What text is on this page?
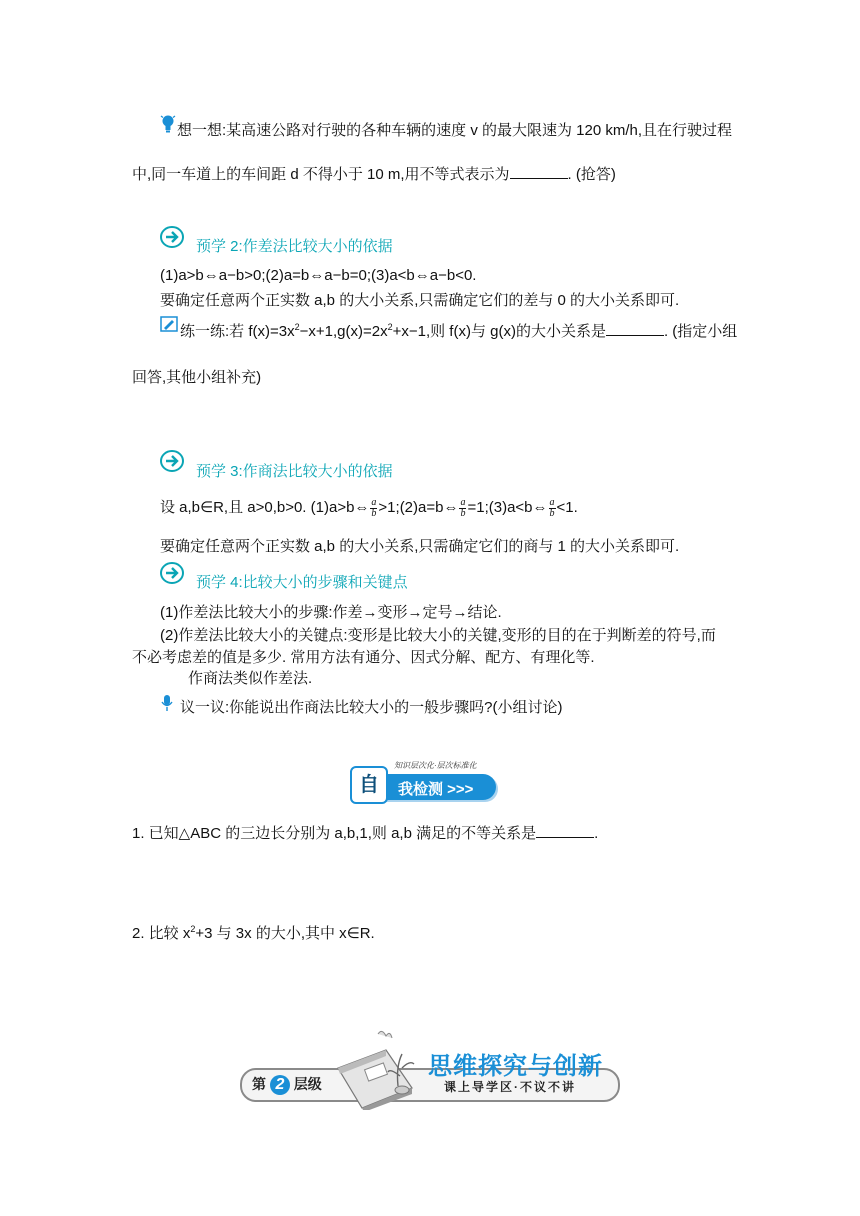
想一想:某高速公路对行驶的各种车辆的速度 v 的最大限速为 120 km/h,且在行驶过程
中,同一车道上的车间距 d 不得小于 10 m,用不等式表示为	. (抢答)
预学 2:作差法比较大小的依据
(1)a>b⇔a−b>0;(2)a=b⇔a−b=0;(3)a<b⇔a−b<0.
要确定任意两个正实数 a,b 的大小关系,只需确定它们的差与 0 的大小关系即可.
练一练:若 $f(x)=3x^2-x+1,g(x)=2x^2+x-1$,则 f(x)与 g(x)的大小关系是	. (指定小组
回答,其他小组补充)
预学 3:作商法比较大小的依据
设 a,b∈R,且 a>0,b>0. (1)a>b⇔ $\frac{a}{b}$ >1;(2)a=b⇔ $\frac{a}{b}$ =1;(3)a<b⇔ $\frac{a}{b} <1$.
要确定任意两个正实数 a,b 的大小关系,只需确定它们的商与 1 的大小关系即可.
预学 4:比较大小的步骤和关键点
(1)作差法比较大小的步骤:作差→变形→定号→结论.
(2)作差法比较大小的关键点:变形是比较大小的关键,变形的目的在于判断差的符号,而
不必考虑差的值是多少. 常用方法有通分、因式分解、配方、有理化等.
作商法类似作差法.
议一议:你能说出作商法比较大小的一般步骤吗?(小组讨论)
知识层次化·层次标准化
自	我检测 >>>
1. 已知△ABC 的三边长分别为 a,b,1,则 a,b 满足的不等关系是	.
2. 比较 $x^2+3$ 与 3x 的大小,其中 x∈R.
第 2 层级
思维探究与创新
课上导学区·不议不讲
